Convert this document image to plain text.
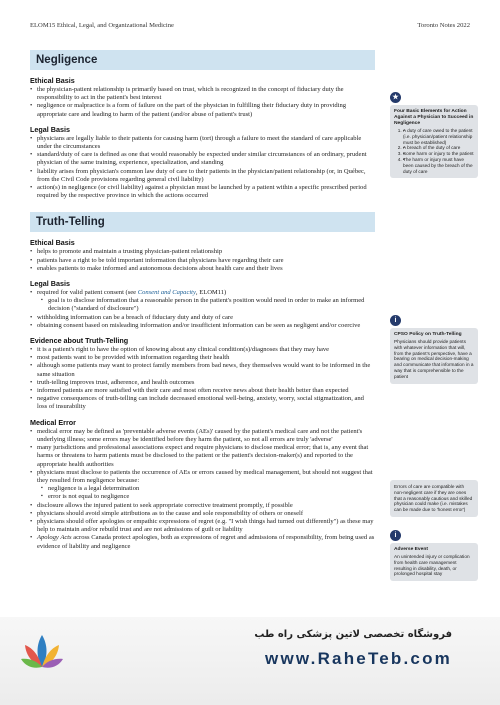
ELOM15 Ethical, Legal, and Organizational Medicine	Toronto Notes 2022
Negligence
Ethical Basis
• the physician-patient relationship is primarily based on trust, which is recognized in the concept of fiduciary duty the responsibility to act in the patient's best interest
• negligence or malpractice is a form of failure on the part of the physician in fulfilling their fiduciary duty in providing appropriate care and leading to harm of the patient (and/or abuse of patient's trust)
Legal Basis
• physicians are legally liable to their patients for causing harm (tort) through a failure to meet the standard of care applicable under the circumstances
• standard/duty of care is defined as one that would reasonably be expected under similar circumstances of an ordinary, prudent physician of the same training, experience, specialization, and standing
• liability arises from physician's common law duty of care to their patients in the physician/patient relationship (or, in Québec, from the Civil Code provisions regarding general civil liability)
• action(s) in negligence (or civil liability) against a physician must be launched by a patient within a specific prescribed period required by the respective province in which the actions occurred
Truth-Telling
Ethical Basis
• helps to promote and maintain a trusting physician-patient relationship
• patients have a right to be told important information that physicians have regarding their care
• enables patients to make informed and autonomous decisions about health care and their lives
Legal Basis
• required for valid patient consent (see Consent and Capacity, ELOM11)
▪ goal is to disclose information that a reasonable person in the patient's position would need in order to make an informed decision ("standard of disclosure")
• withholding information can be a breach of fiduciary duty and duty of care
• obtaining consent based on misleading information and/or insufficient information can be seen as negligent and/or coercive
Evidence about Truth-Telling
• it is a patient's right to have the option of knowing about any clinical condition(s)/diagnoses that they may have
• most patients want to be provided with information regarding their health
• although some patients may want to protect family members from bad news, they themselves would want to be informed in the same situation
• truth-telling improves trust, adherence, and health outcomes
• informed patients are more satisfied with their care and most often receive news about their health better than expected
• negative consequences of truth-telling can include decreased emotional well-being, anxiety, worry, social stigmatization, and loss of insurability
Medical Error
• medical error may be defined as 'preventable adverse events (AEs)' caused by the patient's medical care and not the patient's underlying illness; some errors may be identified before they harm the patient, so not all errors are truly 'adverse'
• many jurisdictions and professional associations expect and require physicians to disclose medical error; that is, any event that harms or threatens to harm patients must be disclosed to the patient or the patient's decision-maker(s) and reported to the appropriate health authorities
• physicians must disclose to patients the occurrence of AEs or errors caused by medical management, but should not suggest that they resulted from negligence because:
▪ negligence is a legal determination
▪ error is not equal to negligence
• disclosure allows the injured patient to seek appropriate corrective treatment promptly, if possible
• physicians should avoid simple attributions as to the cause and sole responsibility of others or oneself
• physicians should offer apologies or empathic expressions of regret (e.g. "I wish things had turned out differently") as these may help to maintain and/or rebuild trust and are not admissions of guilt or liability
• Apology Acts across Canada protect apologies, both as expressions of regret and admissions of responsibility, from being used as evidence of liability and negligence
★
Four Basic Elements for Action Against a Physician to Succeed in Negligence
• 1. A duty of care owed to the patient (i.e. physician/patient relationship must be established)
• 2. A breach of the duty of care
• 3. Some harm or injury to the patient
• 4. The harm or injury must have been caused by the breach of the duty of care
i
CPSO Policy on Truth-Telling
Physicians should provide patients with whatever information that will, from the patient's perspective, have a bearing on medical decision-making and communicate that information in a way that is comprehensible to the patient
Errors of care are compatible with non-negligent care if they are ones that a reasonably cautious and skilled physician could make (i.e. mistakes can be made due to 'honest error')
i
Adverse Event
An unintended injury or complication from health care management resulting in disability, death, or prolonged hospital stay
فروشگاه تخصصی لاتین پزشکی راه طب
www.RaheTeb.com
